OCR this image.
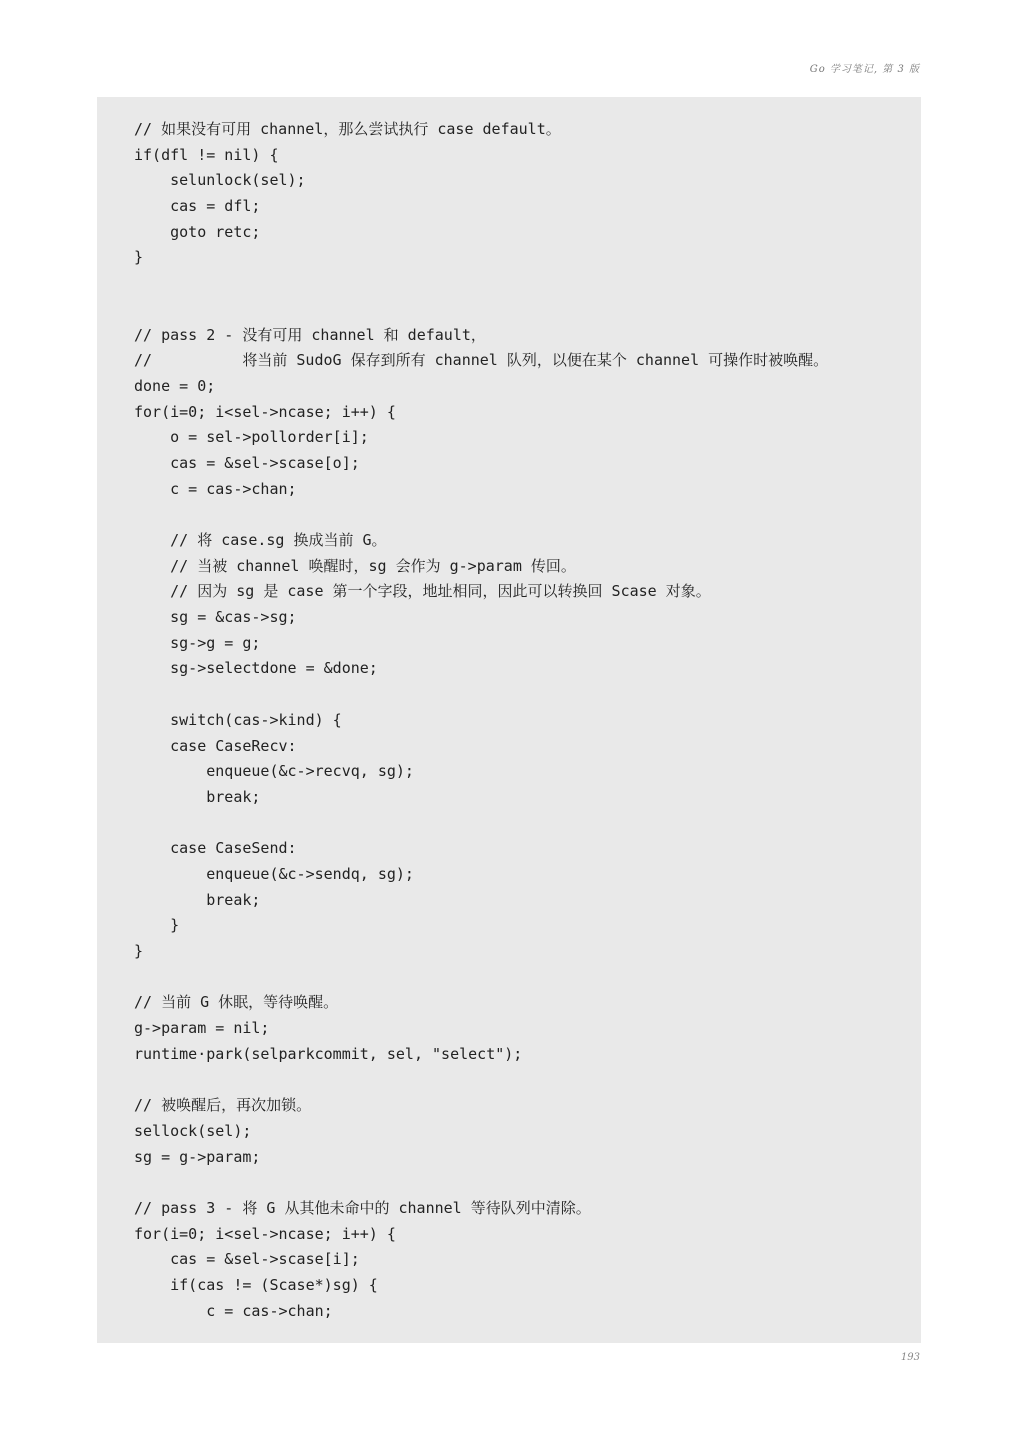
Go 学习笔记, 第 3 版
// 如果没有可用 channel，那么尝试执行 case default。
if(dfl != nil) {
selunlock(sel);
cas = dfl;
goto retc;
}
// pass 2 - 没有可用 channel 和 default，
//          将当前 SudoG 保存到所有 channel 队列，以便在某个 channel 可操作时被唤醒。
done = 0;
for(i=0; i<sel->ncase; i++) {
o = sel->pollorder[i];
cas = &sel->scase[o];
c = cas->chan;
// 将 case.sg 换成当前 G。
// 当被 channel 唤醒时，sg 会作为 g->param 传回。
// 因为 sg 是 case 第一个字段，地址相同，因此可以转换回 Scase 对象。
sg = &cas->sg;
sg->g = g;
sg->selectdone = &done;
switch(cas->kind) {
case CaseRecv:
enqueue(&c->recvq, sg);
break;
case CaseSend:
enqueue(&c->sendq, sg);
break;
}
}
// 当前 G 休眠，等待唤醒。
g->param = nil;
runtime·park(selparkcommit, sel, "select");
// 被唤醒后，再次加锁。
sellock(sel);
sg = g->param;
// pass 3 - 将 G 从其他未命中的 channel 等待队列中清除。
for(i=0; i<sel->ncase; i++) {
cas = &sel->scase[i];
if(cas != (Scase*)sg) {
c = cas->chan;
193
